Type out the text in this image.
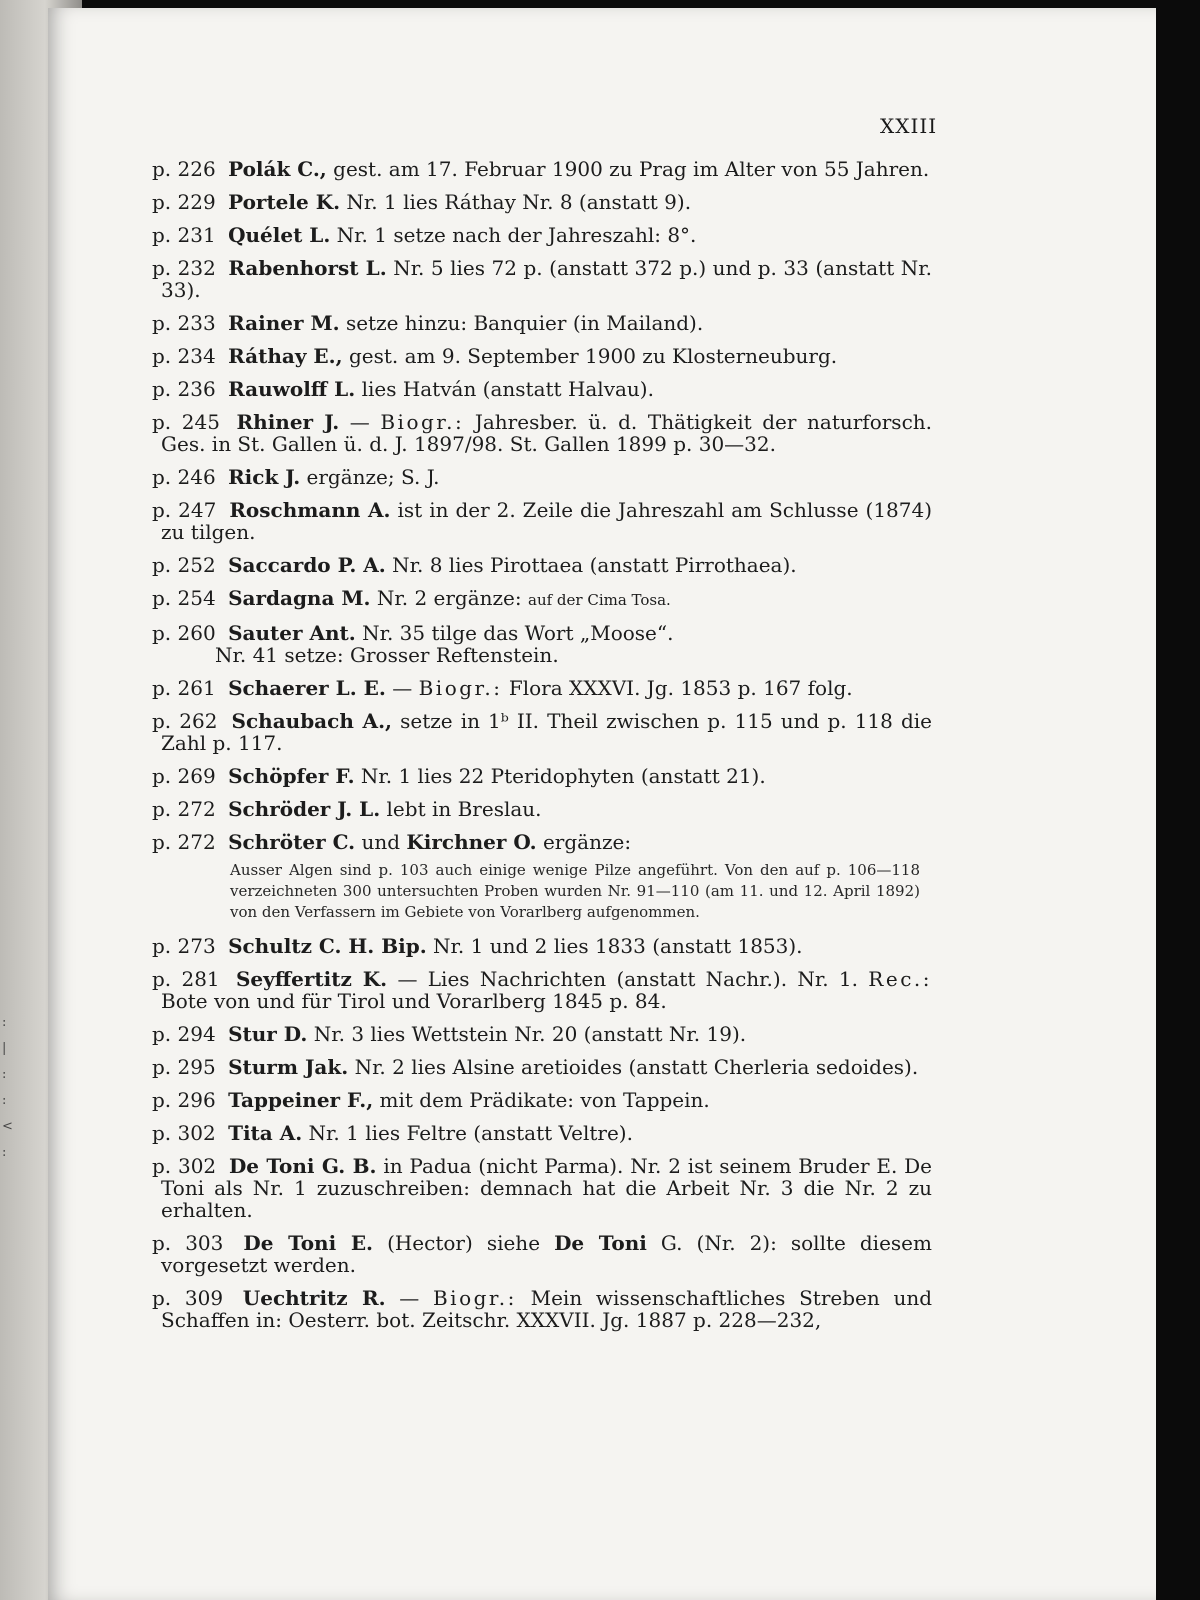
:
|
:
:
<
:
XXIII
p. 226 Polák C., gest. am 17. Februar 1900 zu Prag im Alter von 55 Jahren.
p. 229 Portele K. Nr. 1 lies Ráthay Nr. 8 (anstatt 9).
p. 231 Quélet L. Nr. 1 setze nach der Jahreszahl: 8°.
p. 232 Rabenhorst L. Nr. 5 lies 72 p. (anstatt 372 p.) und p. 33 (anstatt Nr. 33).
p. 233 Rainer M. setze hinzu: Banquier (in Mailand).
p. 234 Ráthay E., gest. am 9. September 1900 zu Klosterneuburg.
p. 236 Rauwolff L. lies Hatván (anstatt Halvau).
p. 245 Rhiner J. — Biogr.: Jahresber. ü. d. Thätigkeit der naturforsch. Ges. in St. Gallen ü. d. J. 1897/98. St. Gallen 1899 p. 30—32.
p. 246 Rick J. ergänze; S. J.
p. 247 Roschmann A. ist in der 2. Zeile die Jahreszahl am Schlusse (1874) zu tilgen.
p. 252 Saccardo P. A. Nr. 8 lies Pirottaea (anstatt Pirrothaea).
p. 254 Sardagna M. Nr. 2 ergänze: auf der Cima Tosa.
p. 260 Sauter Ant. Nr. 35 tilge das Wort „Moose“.
Nr. 41 setze: Grosser Reftenstein.
p. 261 Schaerer L. E. — Biogr.: Flora XXXVI. Jg. 1853 p. 167 folg.
p. 262 Schaubach A., setze in 1ᵇ II. Theil zwischen p. 115 und p. 118 die Zahl p. 117.
p. 269 Schöpfer F. Nr. 1 lies 22 Pteridophyten (anstatt 21).
p. 272 Schröder J. L. lebt in Breslau.
p. 272 Schröter C. und Kirchner O. ergänze:
Ausser Algen sind p. 103 auch einige wenige Pilze angeführt. Von den auf p. 106—118 verzeichneten 300 untersuchten Proben wurden Nr. 91—110 (am 11. und 12. April 1892) von den Verfassern im Gebiete von Vorarlberg aufgenommen.
p. 273 Schultz C. H. Bip. Nr. 1 und 2 lies 1833 (anstatt 1853).
p. 281 Seyffertitz K. — Lies Nachrichten (anstatt Nachr.). Nr. 1. Rec.: Bote von und für Tirol und Vorarlberg 1845 p. 84.
p. 294 Stur D. Nr. 3 lies Wettstein Nr. 20 (anstatt Nr. 19).
p. 295 Sturm Jak. Nr. 2 lies Alsine aretioides (anstatt Cherleria sedoides).
p. 296 Tappeiner F., mit dem Prädikate: von Tappein.
p. 302 Tita A. Nr. 1 lies Feltre (anstatt Veltre).
p. 302 De Toni G. B. in Padua (nicht Parma). Nr. 2 ist seinem Bruder E. De Toni als Nr. 1 zuzuschreiben: demnach hat die Arbeit Nr. 3 die Nr. 2 zu erhalten.
p. 303 De Toni E. (Hector) siehe De Toni G. (Nr. 2): sollte diesem vorgesetzt werden.
p. 309 Uechtritz R. — Biogr.: Mein wissenschaftliches Streben und Schaffen in: Oesterr. bot. Zeitschr. XXXVII. Jg. 1887 p. 228—232,
